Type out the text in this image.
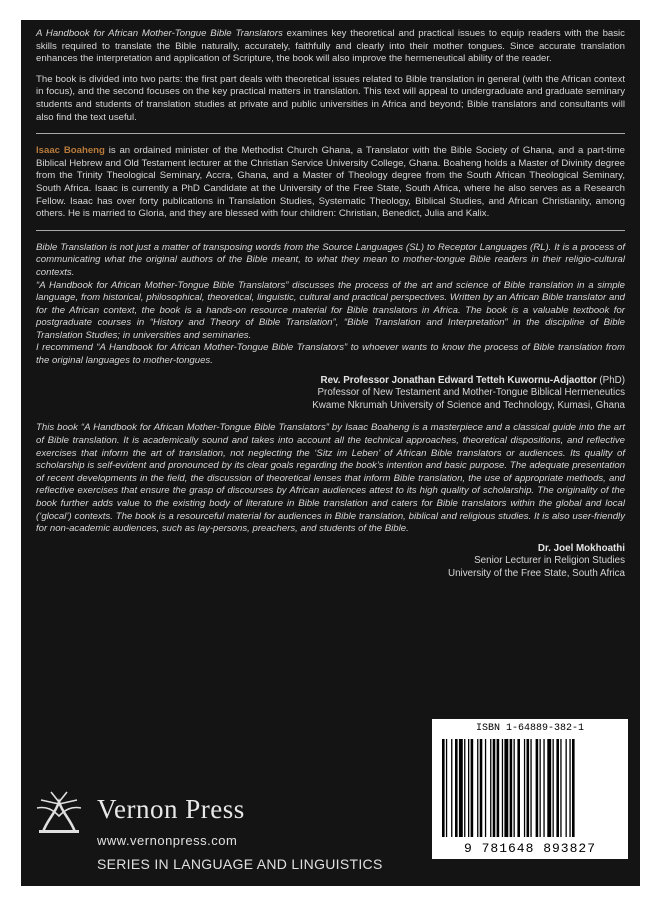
A Handbook for African Mother-Tongue Bible Translators examines key theoretical and practical issues to equip readers with the basic skills required to translate the Bible naturally, accurately, faithfully and clearly into their mother tongues. Since accurate translation enhances the interpretation and application of Scripture, the book will also improve the hermeneutical ability of the reader.

The book is divided into two parts: the first part deals with theoretical issues related to Bible translation in general (with the African context in focus), and the second focuses on the key practical matters in translation. This text will appeal to undergraduate and graduate seminary students and students of translation studies at private and public universities in Africa and beyond; Bible translators and consultants will also find the text useful.

Isaac Boaheng is an ordained minister of the Methodist Church Ghana, a Translator with the Bible Society of Ghana, and a part-time Biblical Hebrew and Old Testament lecturer at the Christian Service University College, Ghana. Boaheng holds a Master of Divinity degree from the Trinity Theological Seminary, Accra, Ghana, and a Master of Theology degree from the South African Theological Seminary, South Africa. Isaac is currently a PhD Candidate at the University of the Free State, South Africa, where he also serves as a Research Fellow. Isaac has over forty publications in Translation Studies, Systematic Theology, Biblical Studies, and African Christianity, among others. He is married to Gloria, and they are blessed with four children: Christian, Benedict, Julia and Kalix.

Bible Translation is not just a matter of transposing words from the Source Languages (SL) to Receptor Languages (RL). It is a process of communicating what the original authors of the Bible meant, to what they mean to mother-tongue Bible readers in their religio-cultural contexts.

“A Handbook for African Mother-Tongue Bible Translators” discusses the process of the art and science of Bible translation in a simple language, from historical, philosophical, theoretical, linguistic, cultural and practical perspectives. Written by an African Bible translator and for the African context, the book is a hands-on resource material for Bible translators in Africa. The book is a valuable textbook for postgraduate courses in “History and Theory of Bible Translation”, “Bible Translation and Interpretation” in the discipline of Bible Translation Studies; in universities and seminaries.

I recommend “A Handbook for African Mother-Tongue Bible Translators” to whoever wants to know the process of Bible translation from the original languages to mother-tongues.

Rev. Professor Jonathan Edward Tetteh Kuwornu-Adjaottor (PhD)
Professor of New Testament and Mother-Tongue Biblical Hermeneutics
Kwame Nkrumah University of Science and Technology, Kumasi, Ghana

This book “A Handbook for African Mother-Tongue Bible Translators” by Isaac Boaheng is a masterpiece and a classical guide into the art of Bible translation. It is academically sound and takes into account all the technical approaches, theoretical dispositions, and reflective exercises that inform the art of translation, not neglecting the ‘Sitz im Leben’ of African Bible translators or audiences. Its quality of scholarship is self-evident and pronounced by its clear goals regarding the book’s intention and basic purpose. The adequate presentation of recent developments in the field, the discussion of theoretical lenses that inform Bible translation, the use of appropriate methods, and reflective exercises that ensure the grasp of discourses by African audiences attest to its high quality of scholarship. The originality of the book further adds value to the existing body of literature in Bible translation and caters for Bible translators within the global and local (‘glocal’) contexts. The book is a resourceful material for audiences in Bible translation, biblical and religious studies. It is also user-friendly for non-academic audiences, such as lay-persons, preachers, and students of the Bible.

Dr. Joel Mokhoathi
Senior Lecturer in Religion Studies
University of the Free State, South Africa
Vernon Press
www.vernonpress.com
SERIES IN LANGUAGE AND LINGUISTICS
ISBN 1-64889-382-1
9 781648 893827
